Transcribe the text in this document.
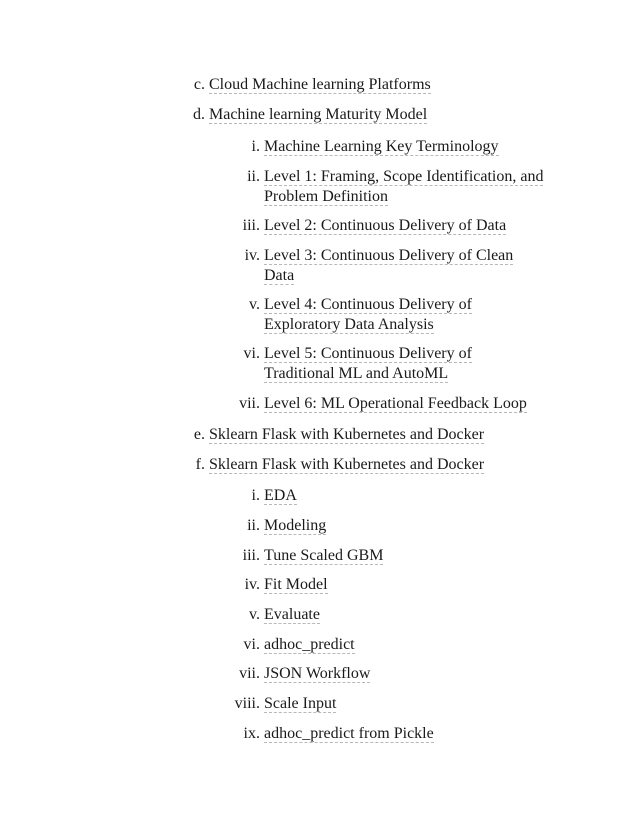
c. Cloud Machine learning Platforms
d. Machine learning Maturity Model
i. Machine Learning Key Terminology
ii. Level 1: Framing, Scope Identification, and Problem Definition
iii. Level 2: Continuous Delivery of Data
iv. Level 3: Continuous Delivery of Clean Data
v. Level 4: Continuous Delivery of Exploratory Data Analysis
vi. Level 5: Continuous Delivery of Traditional ML and AutoML
vii. Level 6: ML Operational Feedback Loop
e. Sklearn Flask with Kubernetes and Docker
f. Sklearn Flask with Kubernetes and Docker
i. EDA
ii. Modeling
iii. Tune Scaled GBM
iv. Fit Model
v. Evaluate
vi. adhoc_predict
vii. JSON Workflow
viii. Scale Input
ix. adhoc_predict from Pickle
